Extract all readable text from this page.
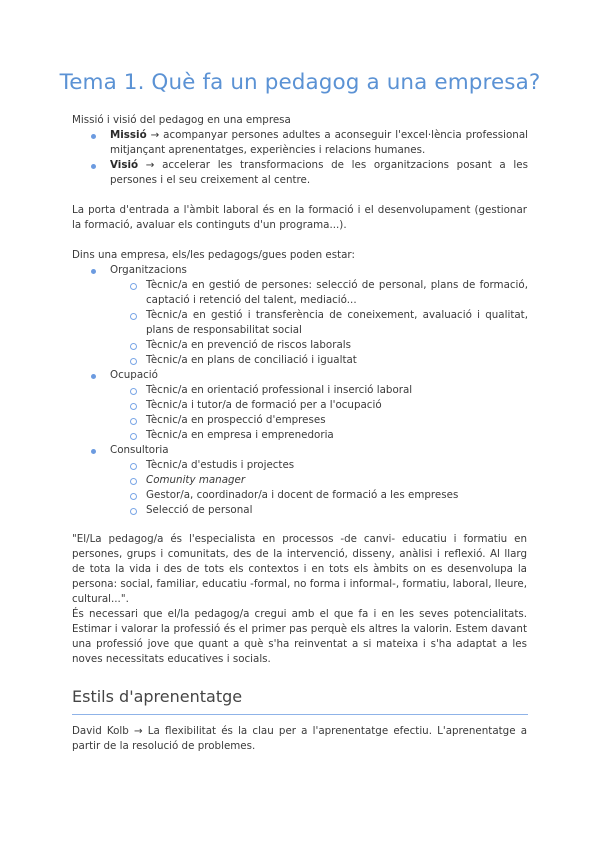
Tema 1. Què fa un pedagog a una empresa?

Missió i visió del pedagog en una empresa

Missió → acompanyar persones adultes a aconseguir l'excel·lència professional mitjançant aprenentatges, experiències i relacions humanes.
Visió → accelerar les transformacions de les organitzacions posant a les persones i el seu creixement al centre.

La porta d'entrada a l'àmbit laboral és en la formació i el desenvolupament (gestionar la formació, avaluar els continguts d'un programa...).

Dins una empresa, els/les pedagogs/gues poden estar:

Organitzacions
Tècnic/a en gestió de persones: selecció de personal, plans de formació, captació i retenció del talent, mediació...
Tècnic/a en gestió i transferència de coneixement, avaluació i qualitat, plans de responsabilitat social
Tècnic/a en prevenció de riscos laborals
Tècnic/a en plans de conciliació i igualtat
Ocupació
Tècnic/a en orientació professional i inserció laboral
Tècnic/a i tutor/a de formació per a l'ocupació
Tècnic/a en prospecció d'empreses
Tècnic/a en empresa i emprenedoria
Consultoria
Tècnic/a d'estudis i projectes
Comunity manager
Gestor/a, coordinador/a i docent de formació a les empreses
Selecció de personal

"El/La pedagog/a és l'especialista en processos -de canvi- educatiu i formatiu en persones, grups i comunitats, des de la intervenció, disseny, anàlisi i reflexió. Al llarg de tota la vida i des de tots els contextos i en tots els àmbits on es desenvolupa la persona: social, familiar, educatiu -formal, no forma i informal-, formatiu, laboral, lleure, cultural...".

És necessari que el/la pedagog/a cregui amb el que fa i en les seves potencialitats. Estimar i valorar la professió és el primer pas perquè els altres la valorin. Estem davant una professió jove que quant a què s'ha reinventat a si mateixa i s'ha adaptat a les noves necessitats educatives i socials.

Estils d'aprenentatge

David Kolb → La flexibilitat és la clau per a l'aprenentatge efectiu. L'aprenentatge a partir de la resolució de problemes.
